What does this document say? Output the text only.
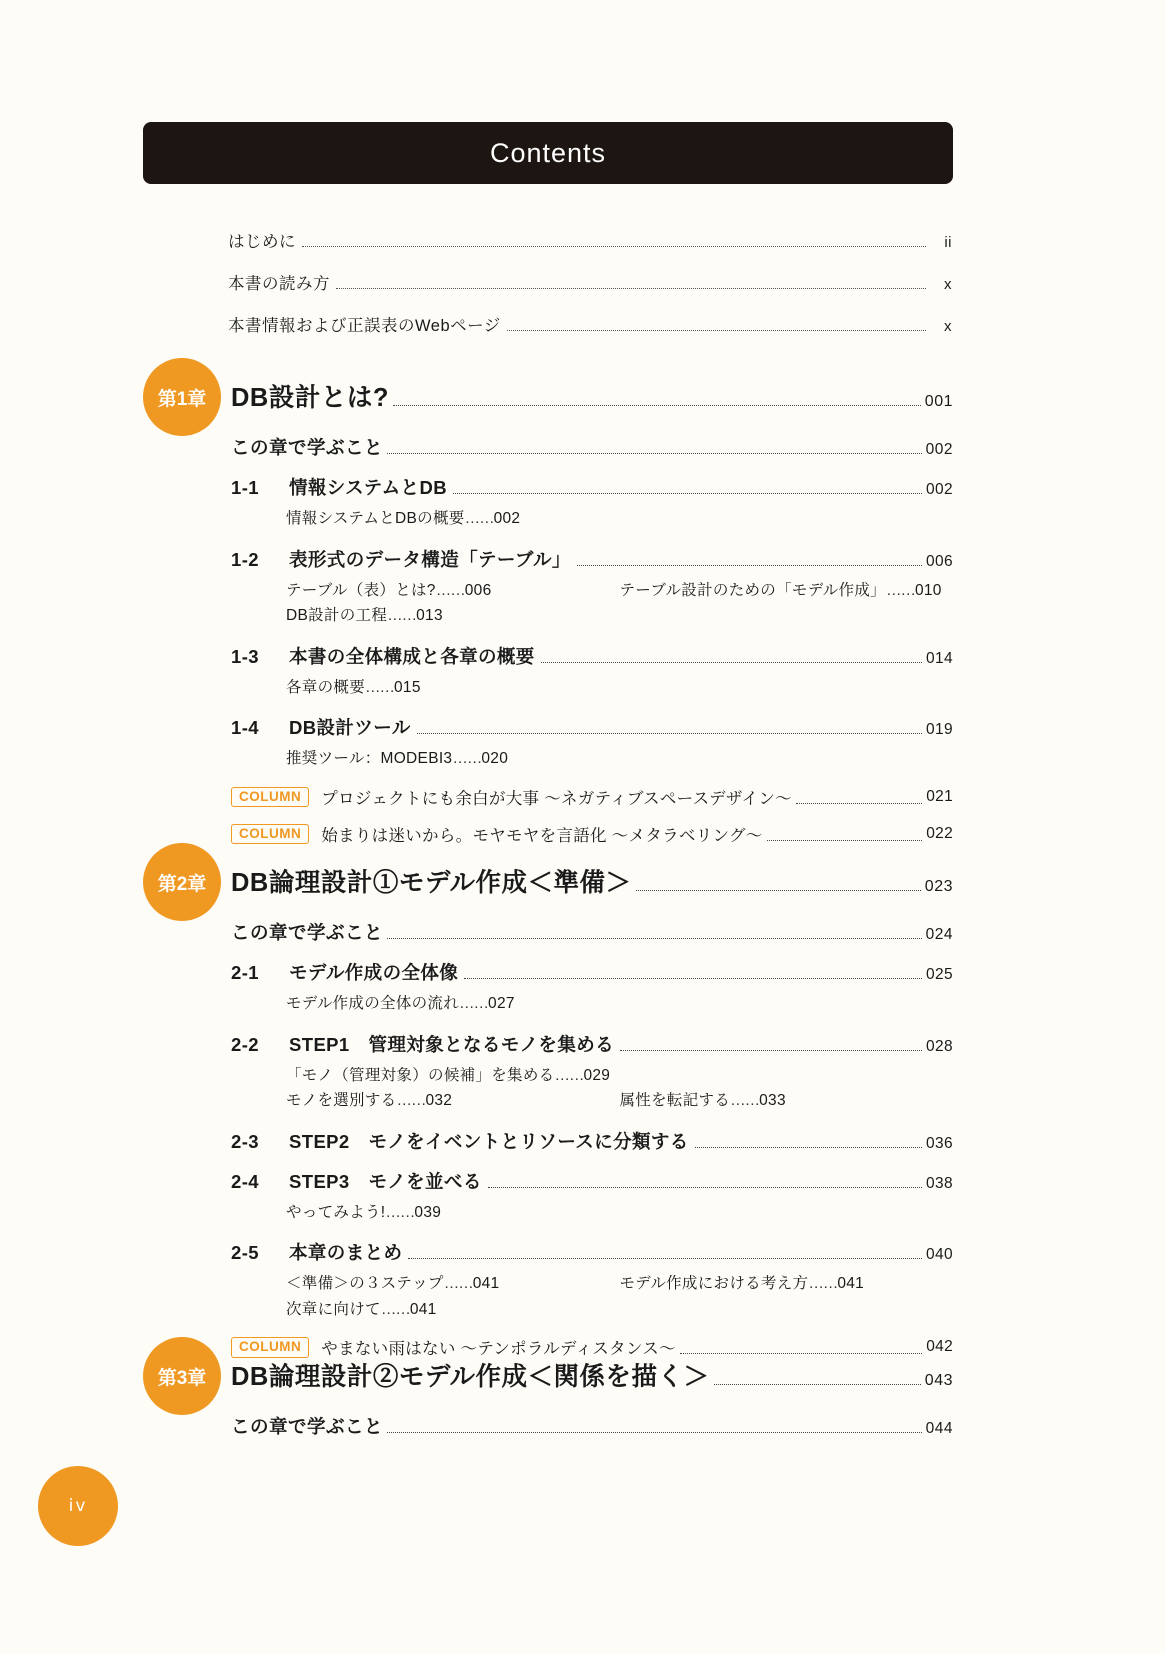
Contents
はじめに	ii
本書の読み方	x
本書情報および正誤表のWebページ	x
第1章 DB設計とは?	001
この章で学ぶこと	002
1-1	情報システムとDB	002
情報システムとDBの概要……002
1-2	表形式のデータ構造「テーブル」	006
テーブル（表）とは?……006	テーブル設計のための「モデル作成」……010
DB設計の工程……013
1-3	本書の全体構成と各章の概要	014
各章の概要……015
1-4	DB設計ツール	019
推奨ツール：MODEBI3……020
COLUMN	プロジェクトにも余白が大事 〜ネガティブスペースデザイン〜	021
COLUMN	始まりは迷いから。モヤモヤを言語化 〜メタラベリング〜	022
第2章 DB論理設計①モデル作成＜準備＞	023
この章で学ぶこと	024
2-1	モデル作成の全体像	025
モデル作成の全体の流れ……027
2-2	STEP1　管理対象となるモノを集める	028
「モノ（管理対象）の候補」を集める……029
モノを選別する……032	属性を転記する……033
2-3	STEP2　モノをイベントとリソースに分類する	036
2-4	STEP3　モノを並べる	038
やってみよう!……039
2-5	本章のまとめ	040
＜準備＞の３ステップ……041	モデル作成における考え方……041
次章に向けて……041
COLUMN	やまない雨はない 〜テンポラルディスタンス〜	042
第3章 DB論理設計②モデル作成＜関係を描く＞	043
この章で学ぶこと	044
ⅰⅴ
